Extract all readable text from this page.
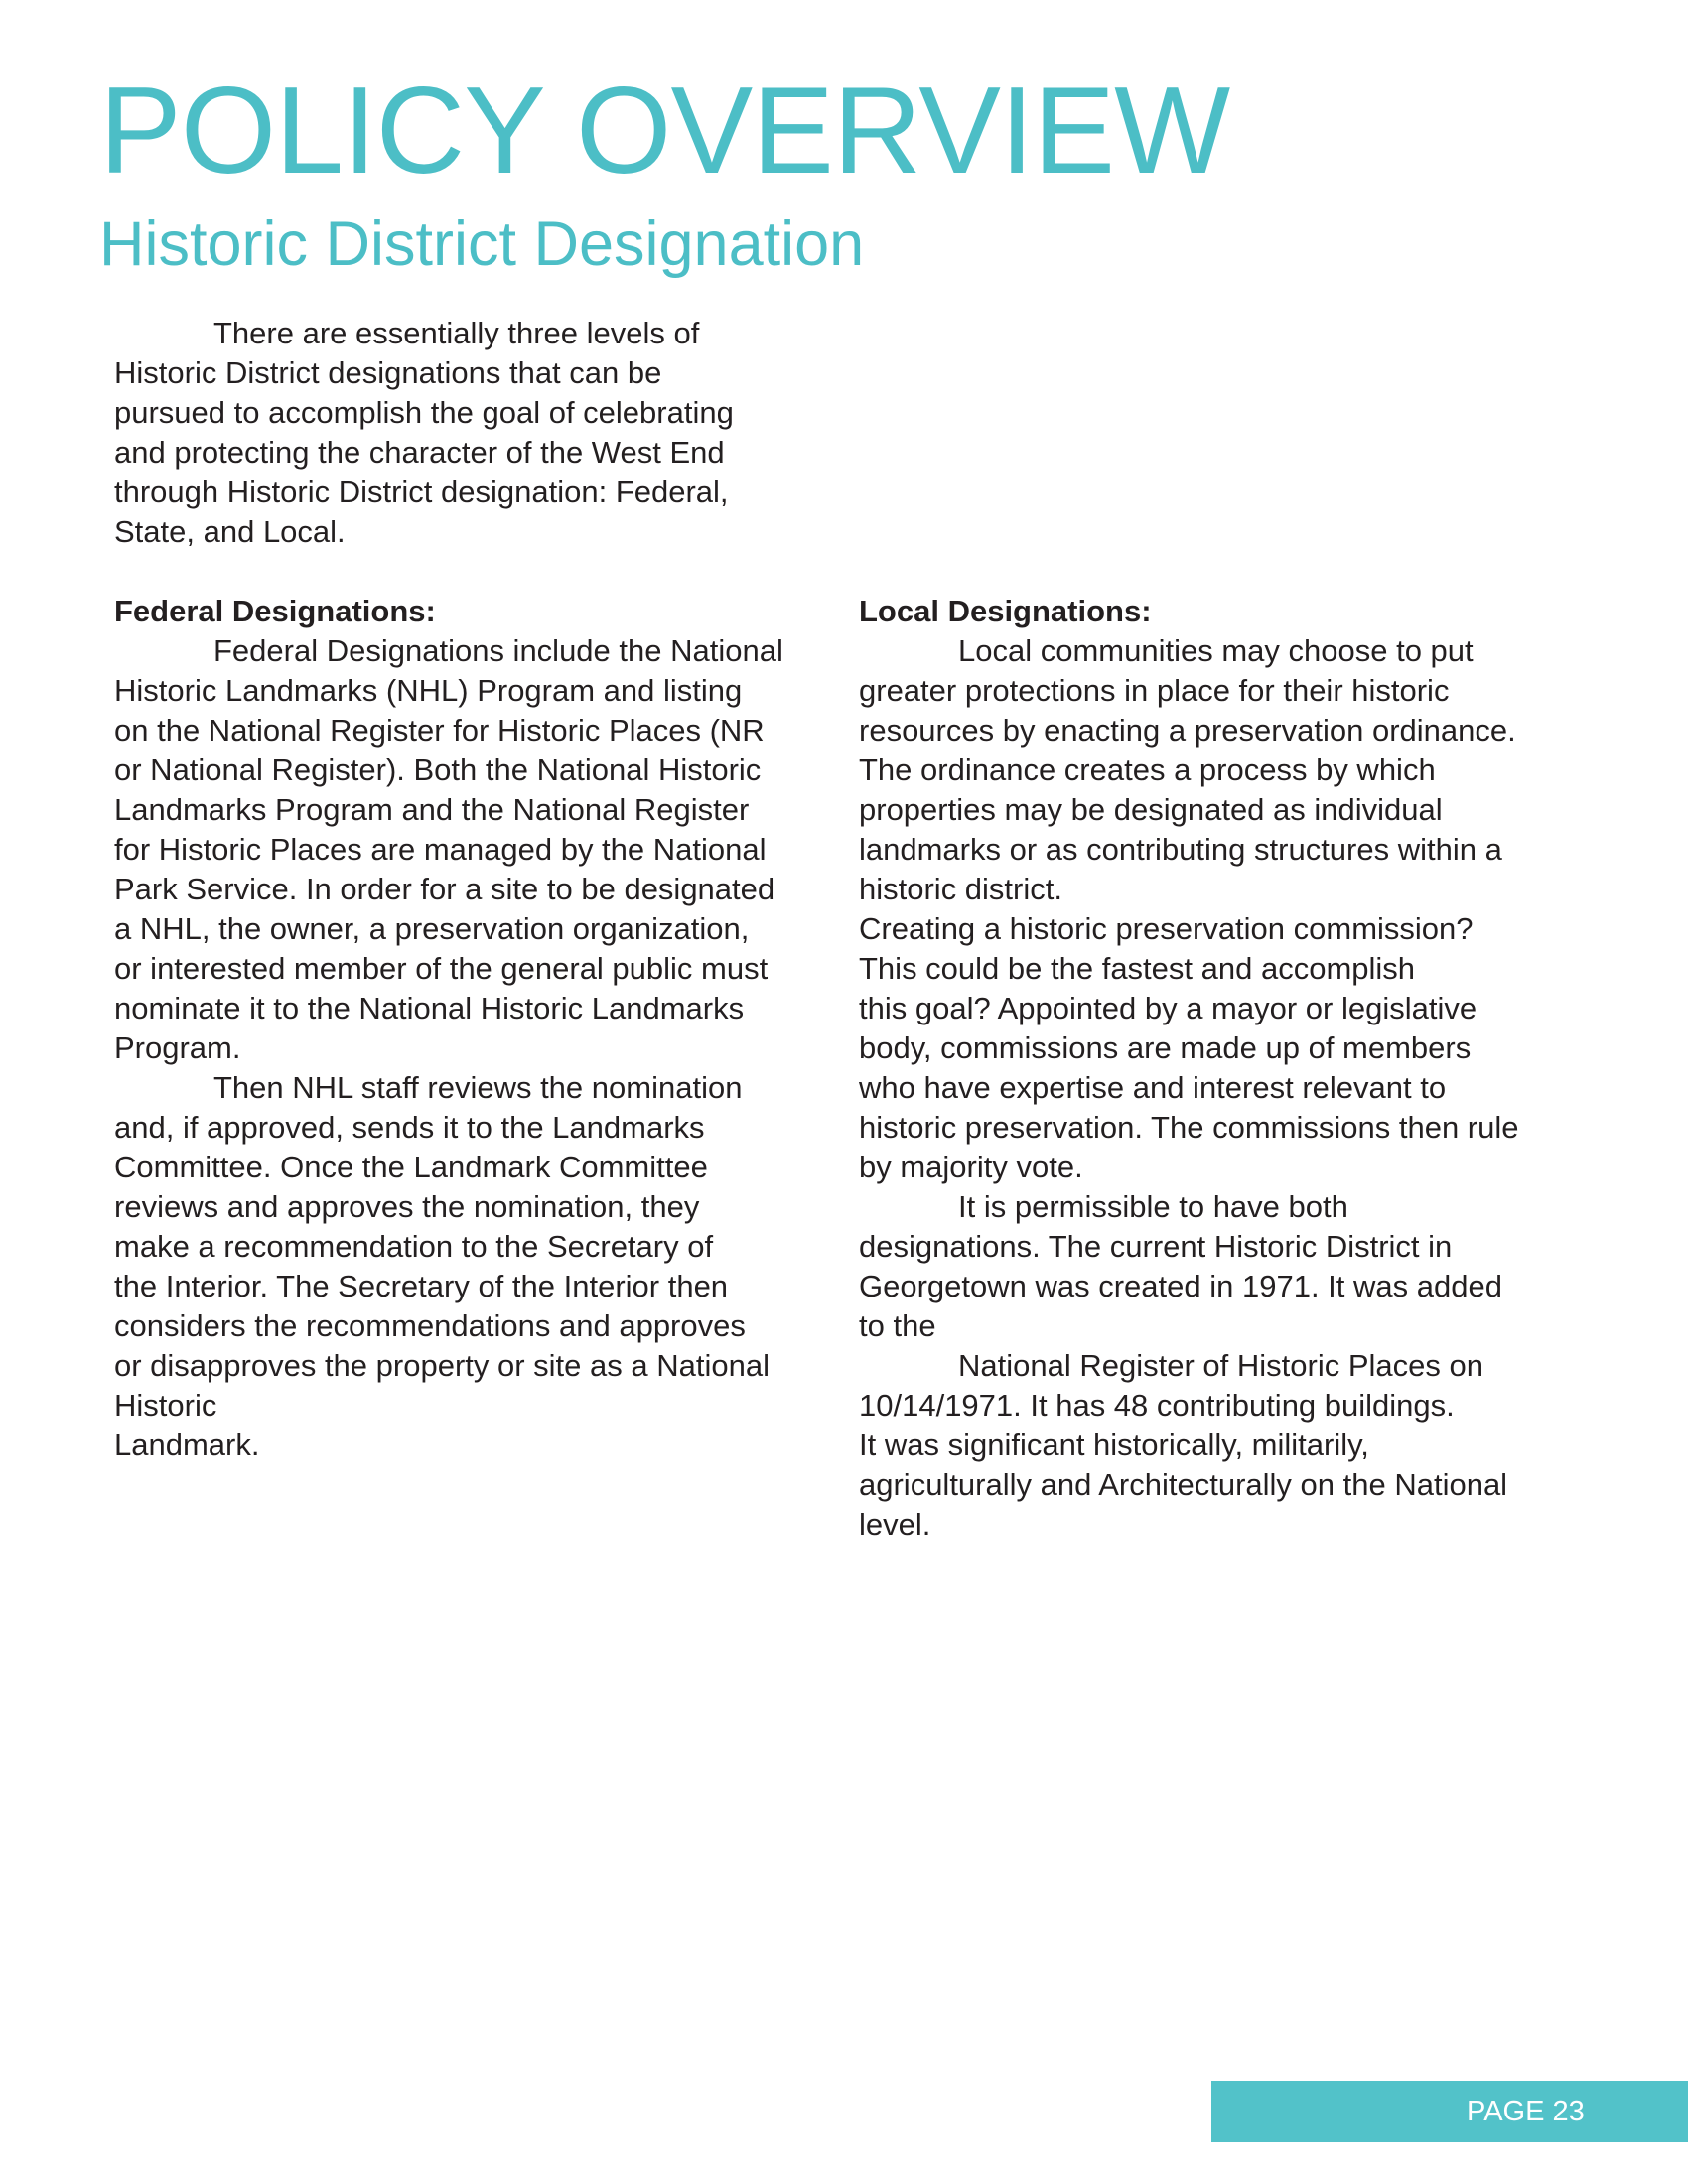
POLICY OVERVIEW
Historic District Designation

There are essentially three levels of
Historic District designations that can be
pursued to accomplish the goal of celebrating
and protecting the character of the West End
through Historic District designation: Federal,
State, and Local.

Federal Designations:

Federal Designations include the National
Historic Landmarks (NHL) Program and listing
on the National Register for Historic Places (NR
or National Register). Both the National Historic
Landmarks Program and the National Register
for Historic Places are managed by the National
Park Service. In order for a site to be designated
a NHL, the owner, a preservation organization,
or interested member of the general public must
nominate it to the National Historic Landmarks
Program.

Then NHL staff reviews the nomination
and, if approved, sends it to the Landmarks
Committee. Once the Landmark Committee
reviews and approves the nomination, they
make a recommendation to the Secretary of
the Interior. The Secretary of the Interior then
considers the recommendations and approves
or disapproves the property or site as a National
Historic

Landmark.

Local Designations:

Local communities may choose to put
greater protections in place for their historic
resources by enacting a preservation ordinance.
The ordinance creates a process by which
properties may be designated as individual
landmarks or as contributing structures within a
historic district.

Creating a historic preservation commission?
This could be the fastest and accomplish
this goal? Appointed by a mayor or legislative
body, commissions are made up of members
who have expertise and interest relevant to
historic preservation. The commissions then rule
by majority vote.

It is permissible to have both
designations. The current Historic District in
Georgetown was created in 1971. It was added
to the

National Register of Historic Places on
10/14/1971. It has 48 contributing buildings.

It was significant historically, militarily,
agriculturally and Architecturally on the National
level.

PAGE 23
